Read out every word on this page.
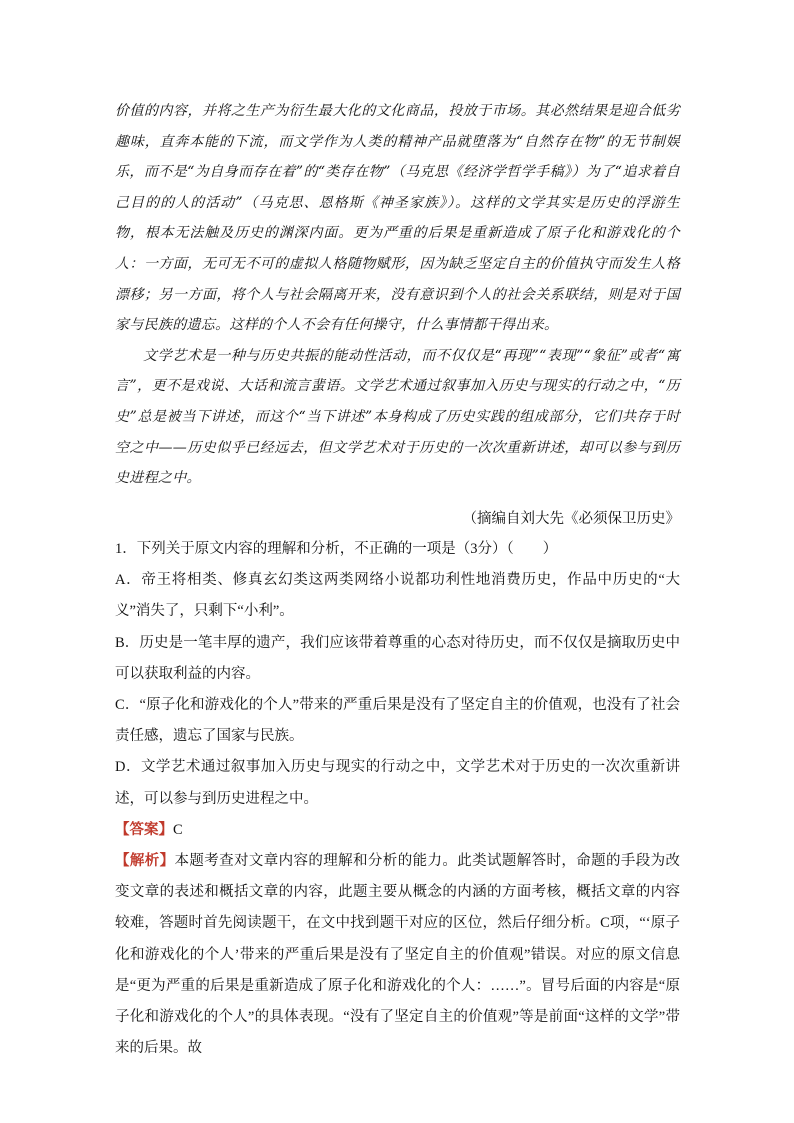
价值的内容，并将之生产为衍生最大化的文化商品，投放于市场。其必然结果是迎合低劣趣味，直奔本能的下流，而文学作为人类的精神产品就堕落为“自然存在物”的无节制娱乐，而不是“为自身而存在着”的“类存在物”（马克思《经济学哲学手稿》）为了“追求着自己目的的人的活动”（马克思、恩格斯《神圣家族》）。这样的文学其实是历史的浮游生物，根本无法触及历史的渊深内面。更为严重的后果是重新造成了原子化和游戏化的个人：一方面，无可无不可的虚拟人格随物赋形，因为缺乏坚定自主的价值执守而发生人格漂移；另一方面，将个人与社会隔离开来，没有意识到个人的社会关系联结，则是对于国家与民族的遗忘。这样的个人不会有任何操守，什么事情都干得出来。

文学艺术是一种与历史共振的能动性活动，而不仅仅是“再现”“表现”“象征”或者“寓言”，更不是戏说、大话和流言蜚语。文学艺术通过叙事加入历史与现实的行动之中，“历史”总是被当下讲述，而这个“当下讲述”本身构成了历史实践的组成部分，它们共存于时空之中——历史似乎已经远去，但文学艺术对于历史的一次次重新讲述，却可以参与到历史进程之中。

（摘编自刘大先《必须保卫历史》

1．下列关于原文内容的理解和分析，不正确的一项是（3分）（　　）

A．帝王将相类、修真玄幻类这两类网络小说都功利性地消费历史，作品中历史的“大义”消失了，只剩下“小利”。

B．历史是一笔丰厚的遗产，我们应该带着尊重的心态对待历史，而不仅仅是摘取历史中可以获取利益的内容。

C．“原子化和游戏化的个人”带来的严重后果是没有了坚定自主的价值观，也没有了社会责任感，遗忘了国家与民族。

D．文学艺术通过叙事加入历史与现实的行动之中，文学艺术对于历史的一次次重新讲述，可以参与到历史进程之中。

【答案】C

【解析】本题考查对文章内容的理解和分析的能力。此类试题解答时，命题的手段为改变文章的表述和概括文章的内容，此题主要从概念的内涵的方面考核，概括文章的内容较难，答题时首先阅读题干，在文中找到题干对应的区位，然后仔细分析。C项，“‘原子化和游戏化的个人’带来的严重后果是没有了坚定自主的价值观”错误。对应的原文信息是“更为严重的后果是重新造成了原子化和游戏化的个人：……”。冒号后面的内容是“原子化和游戏化的个人”的具体表现。“没有了坚定自主的价值观”等是前面“这样的文学”带来的后果。故
